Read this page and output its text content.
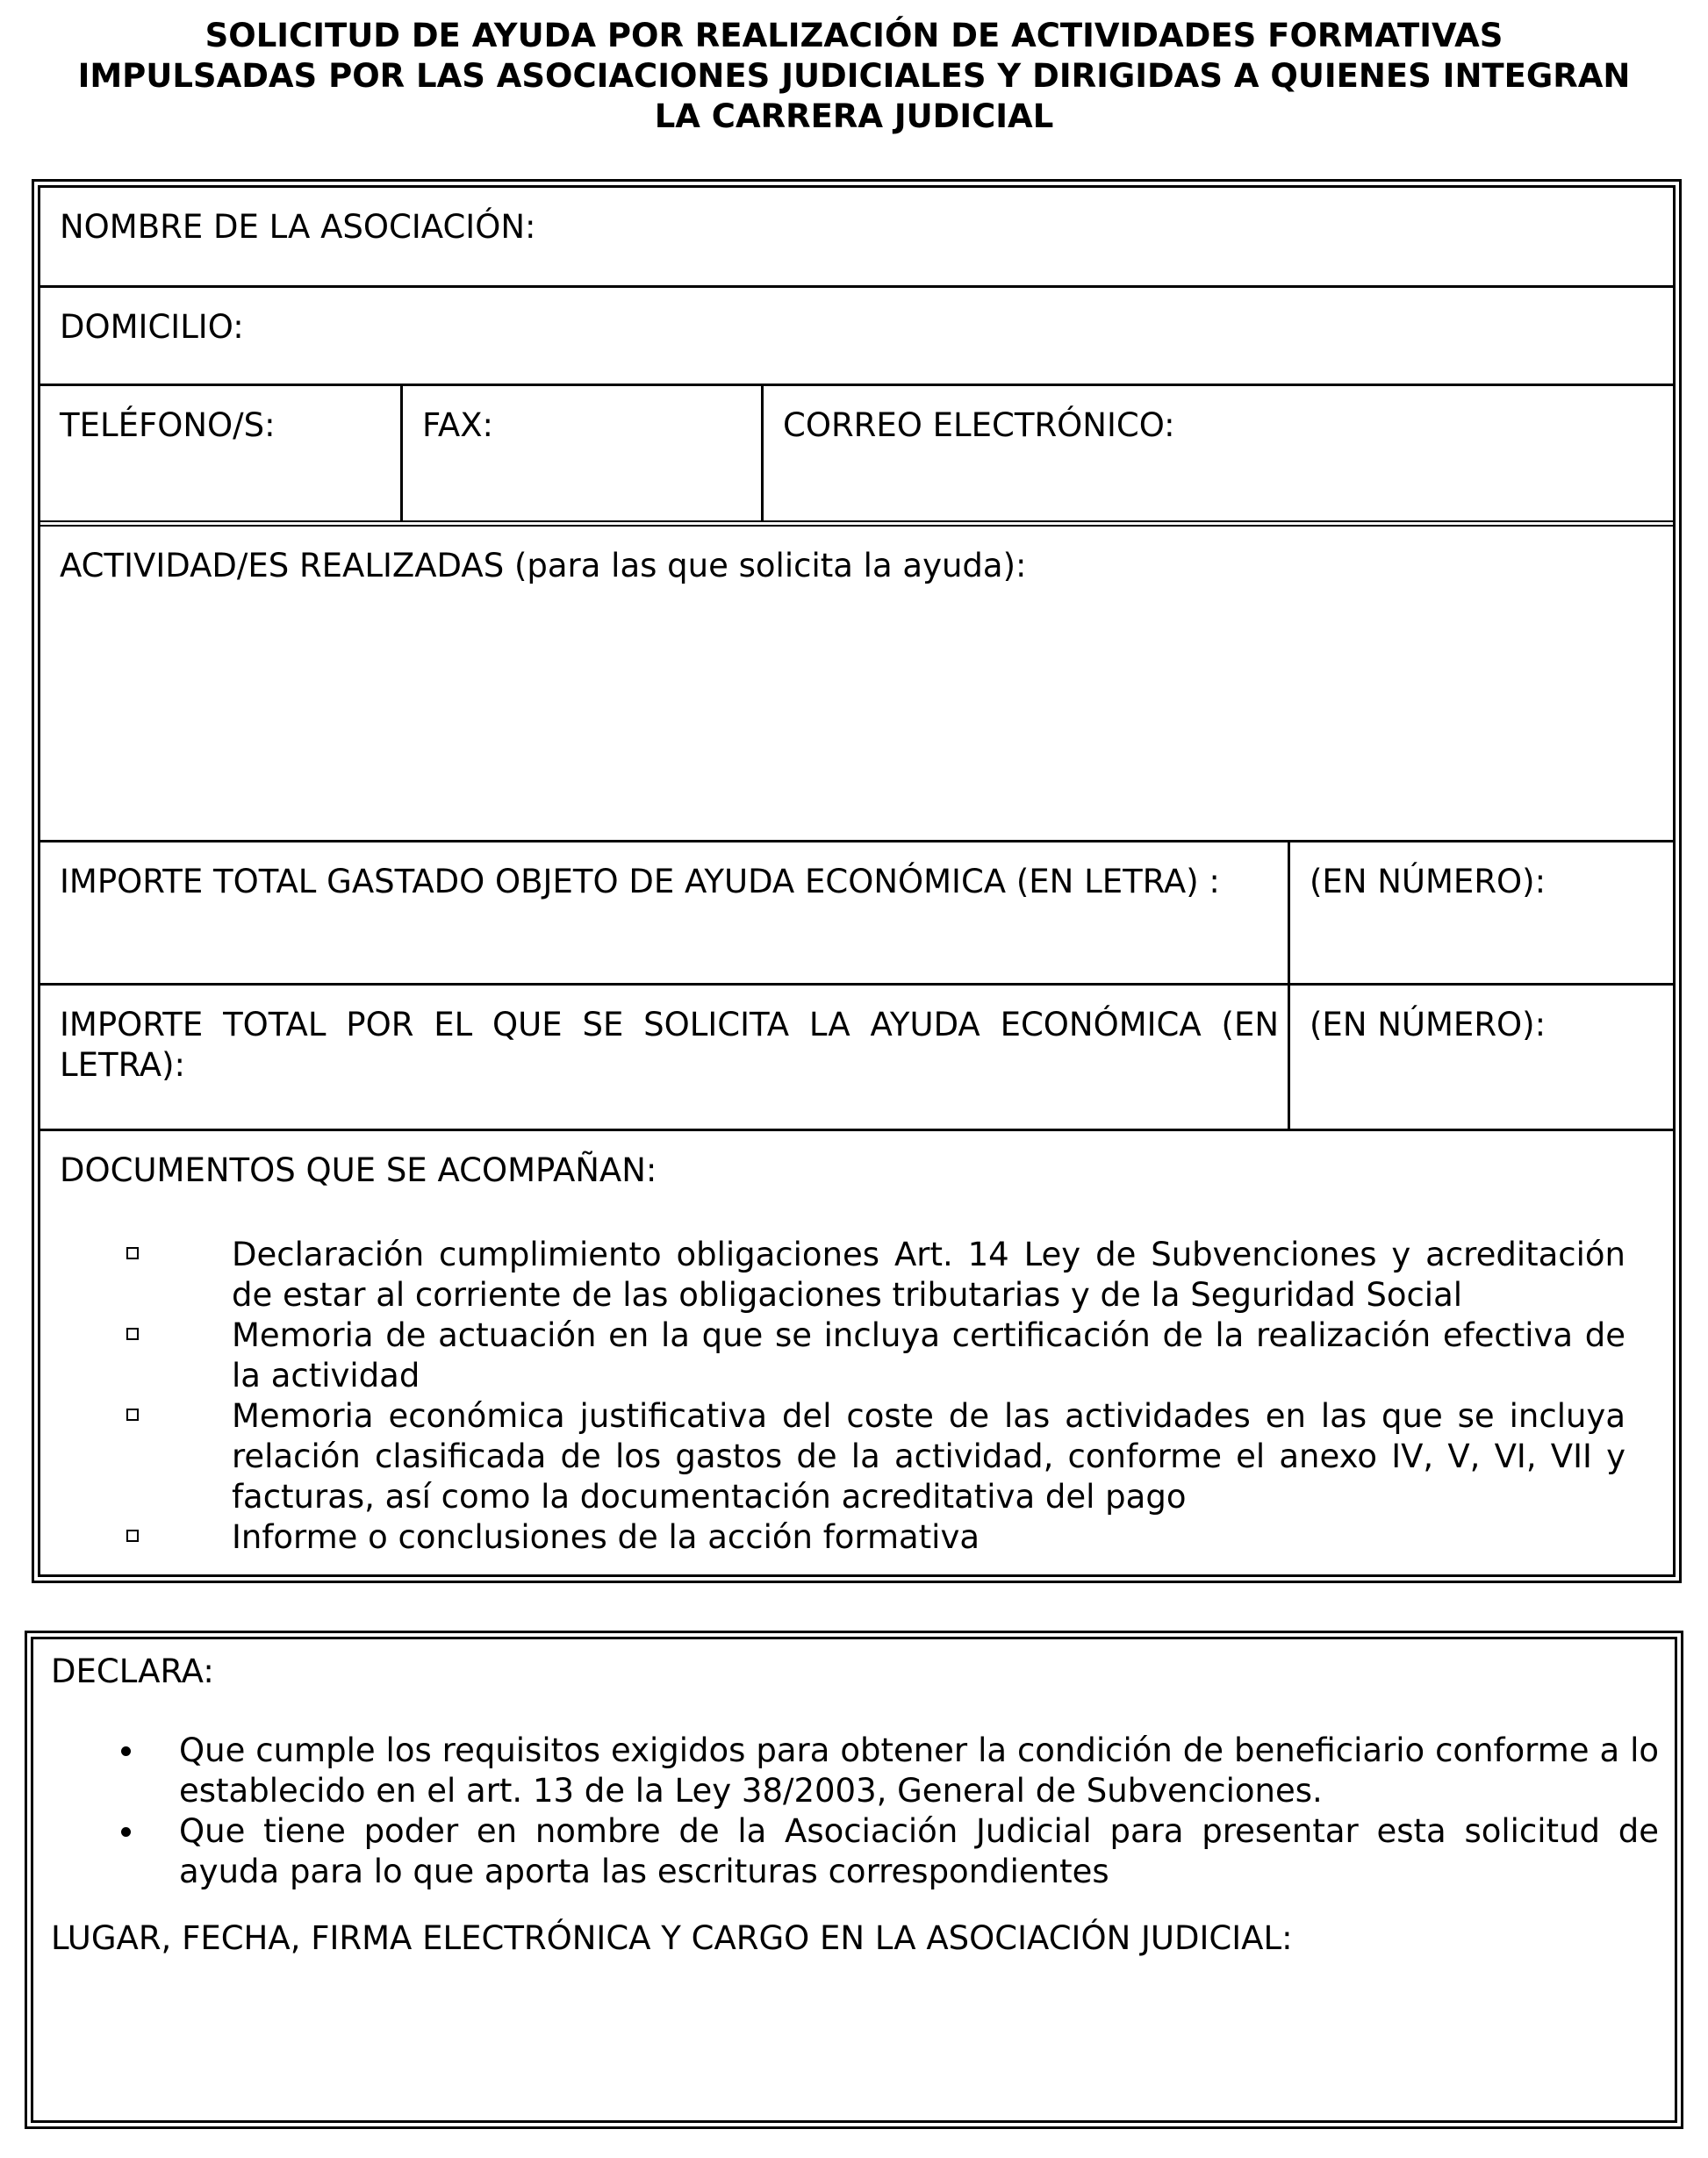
SOLICITUD DE AYUDA POR REALIZACIÓN DE ACTIVIDADES FORMATIVAS
IMPULSADAS POR LAS ASOCIACIONES JUDICIALES Y DIRIGIDAS A QUIENES INTEGRAN
LA CARRERA JUDICIAL
NOMBRE DE LA ASOCIACIÓN:
DOMICILIO:
TELÉFONO/S:	FAX:	CORREO ELECTRÓNICO:
ACTIVIDAD/ES REALIZADAS (para las que solicita la ayuda):
IMPORTE TOTAL GASTADO OBJETO DE AYUDA ECONÓMICA (EN LETRA) :	(EN NÚMERO):
IMPORTE TOTAL POR EL QUE SE SOLICITA LA AYUDA ECONÓMICA (EN
LETRA):
(EN NÚMERO):
DOCUMENTOS QUE SE ACOMPAÑAN:
Declaración cumplimiento obligaciones Art. 14 Ley de Subvenciones y acreditación de estar al corriente de las obligaciones tributarias y de la Seguridad Social
Memoria de actuación en la que se incluya certificación de la realización efectiva de la actividad
Memoria económica justificativa del coste de las actividades en las que se incluya relación clasificada de los gastos de la actividad, conforme el anexo IV, V, VI, VII y facturas, así como la documentación acreditativa del pago
Informe o conclusiones de la acción formativa
DECLARA:
Que cumple los requisitos exigidos para obtener la condición de beneficiario conforme a lo establecido en el art. 13 de la Ley 38/2003, General de Subvenciones.
Que tiene poder en nombre de la Asociación Judicial para presentar esta solicitud de ayuda para lo que aporta las escrituras correspondientes
LUGAR, FECHA, FIRMA ELECTRÓNICA Y CARGO EN LA ASOCIACIÓN JUDICIAL:
